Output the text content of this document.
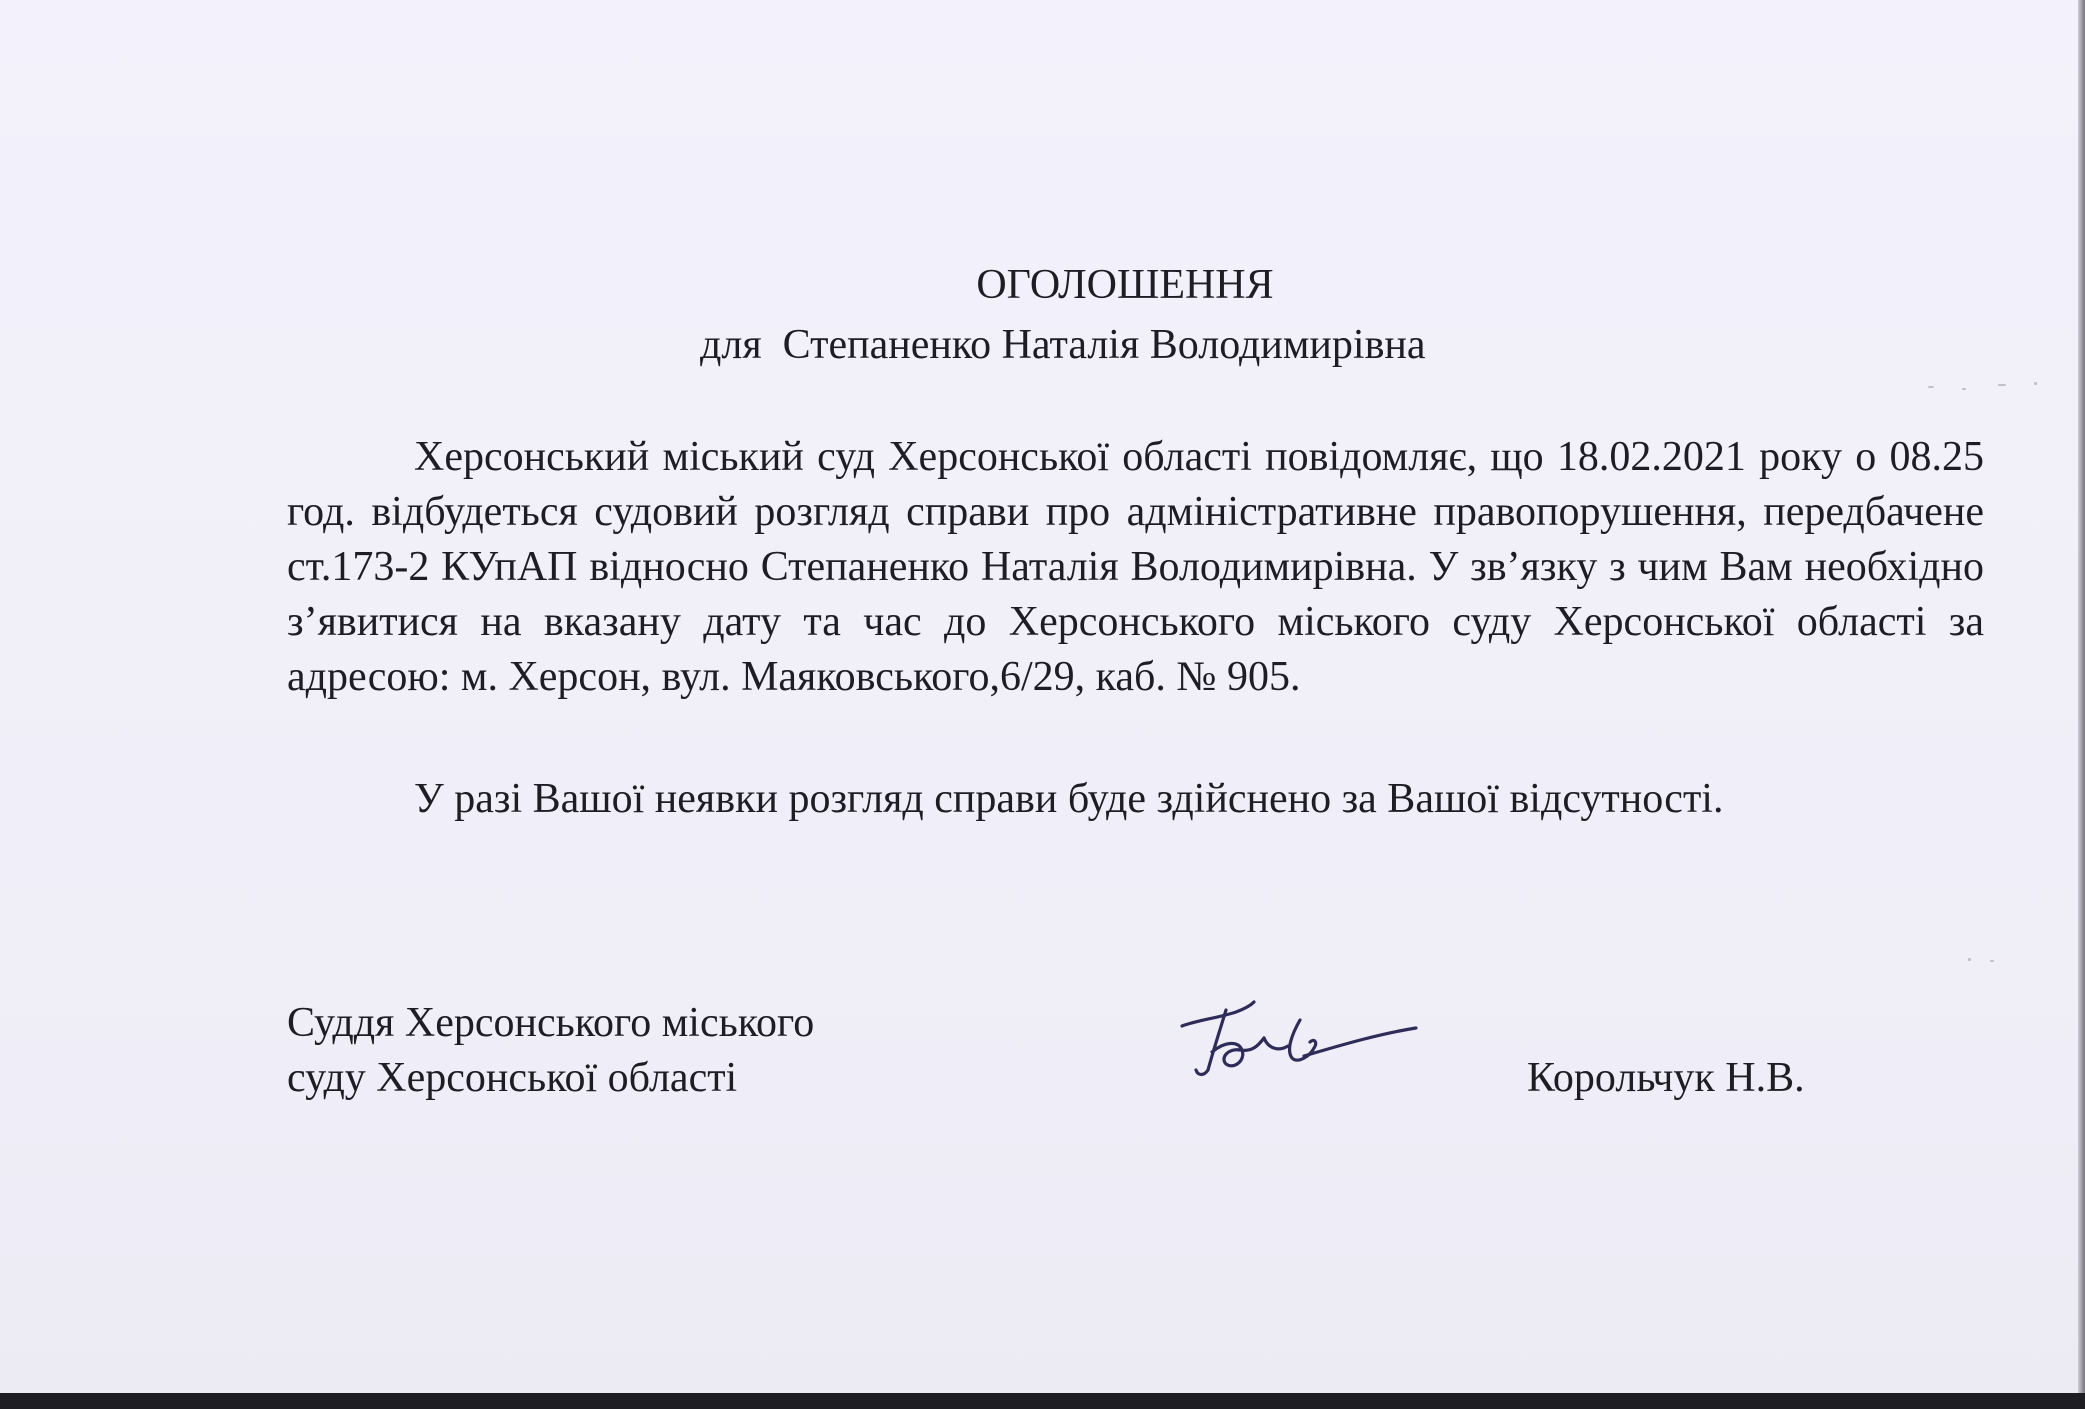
ОГОЛОШЕННЯ
для  Степаненко Наталія Володимирівна

Херсонський міський суд Херсонської області повідомляє, що 18.02.2021 року о 08.25 год. відбудеться судовий розгляд справи про адміністративне правопорушення, передбачене ст.173-2 КУпАП відносно Степаненко Наталія Володимирівна. У зв’язку з чим Вам необхідно з’явитися на вказану дату та час до Херсонського міського суду Херсонської області за адресою: м. Херсон, вул. Маяковського,6/29, каб. № 905.

У разі Вашої неявки розгляд справи буде здійснено за Вашої відсутності.

Суддя Херсонського міського
суду Херсонської області	Корольчук Н.В.
